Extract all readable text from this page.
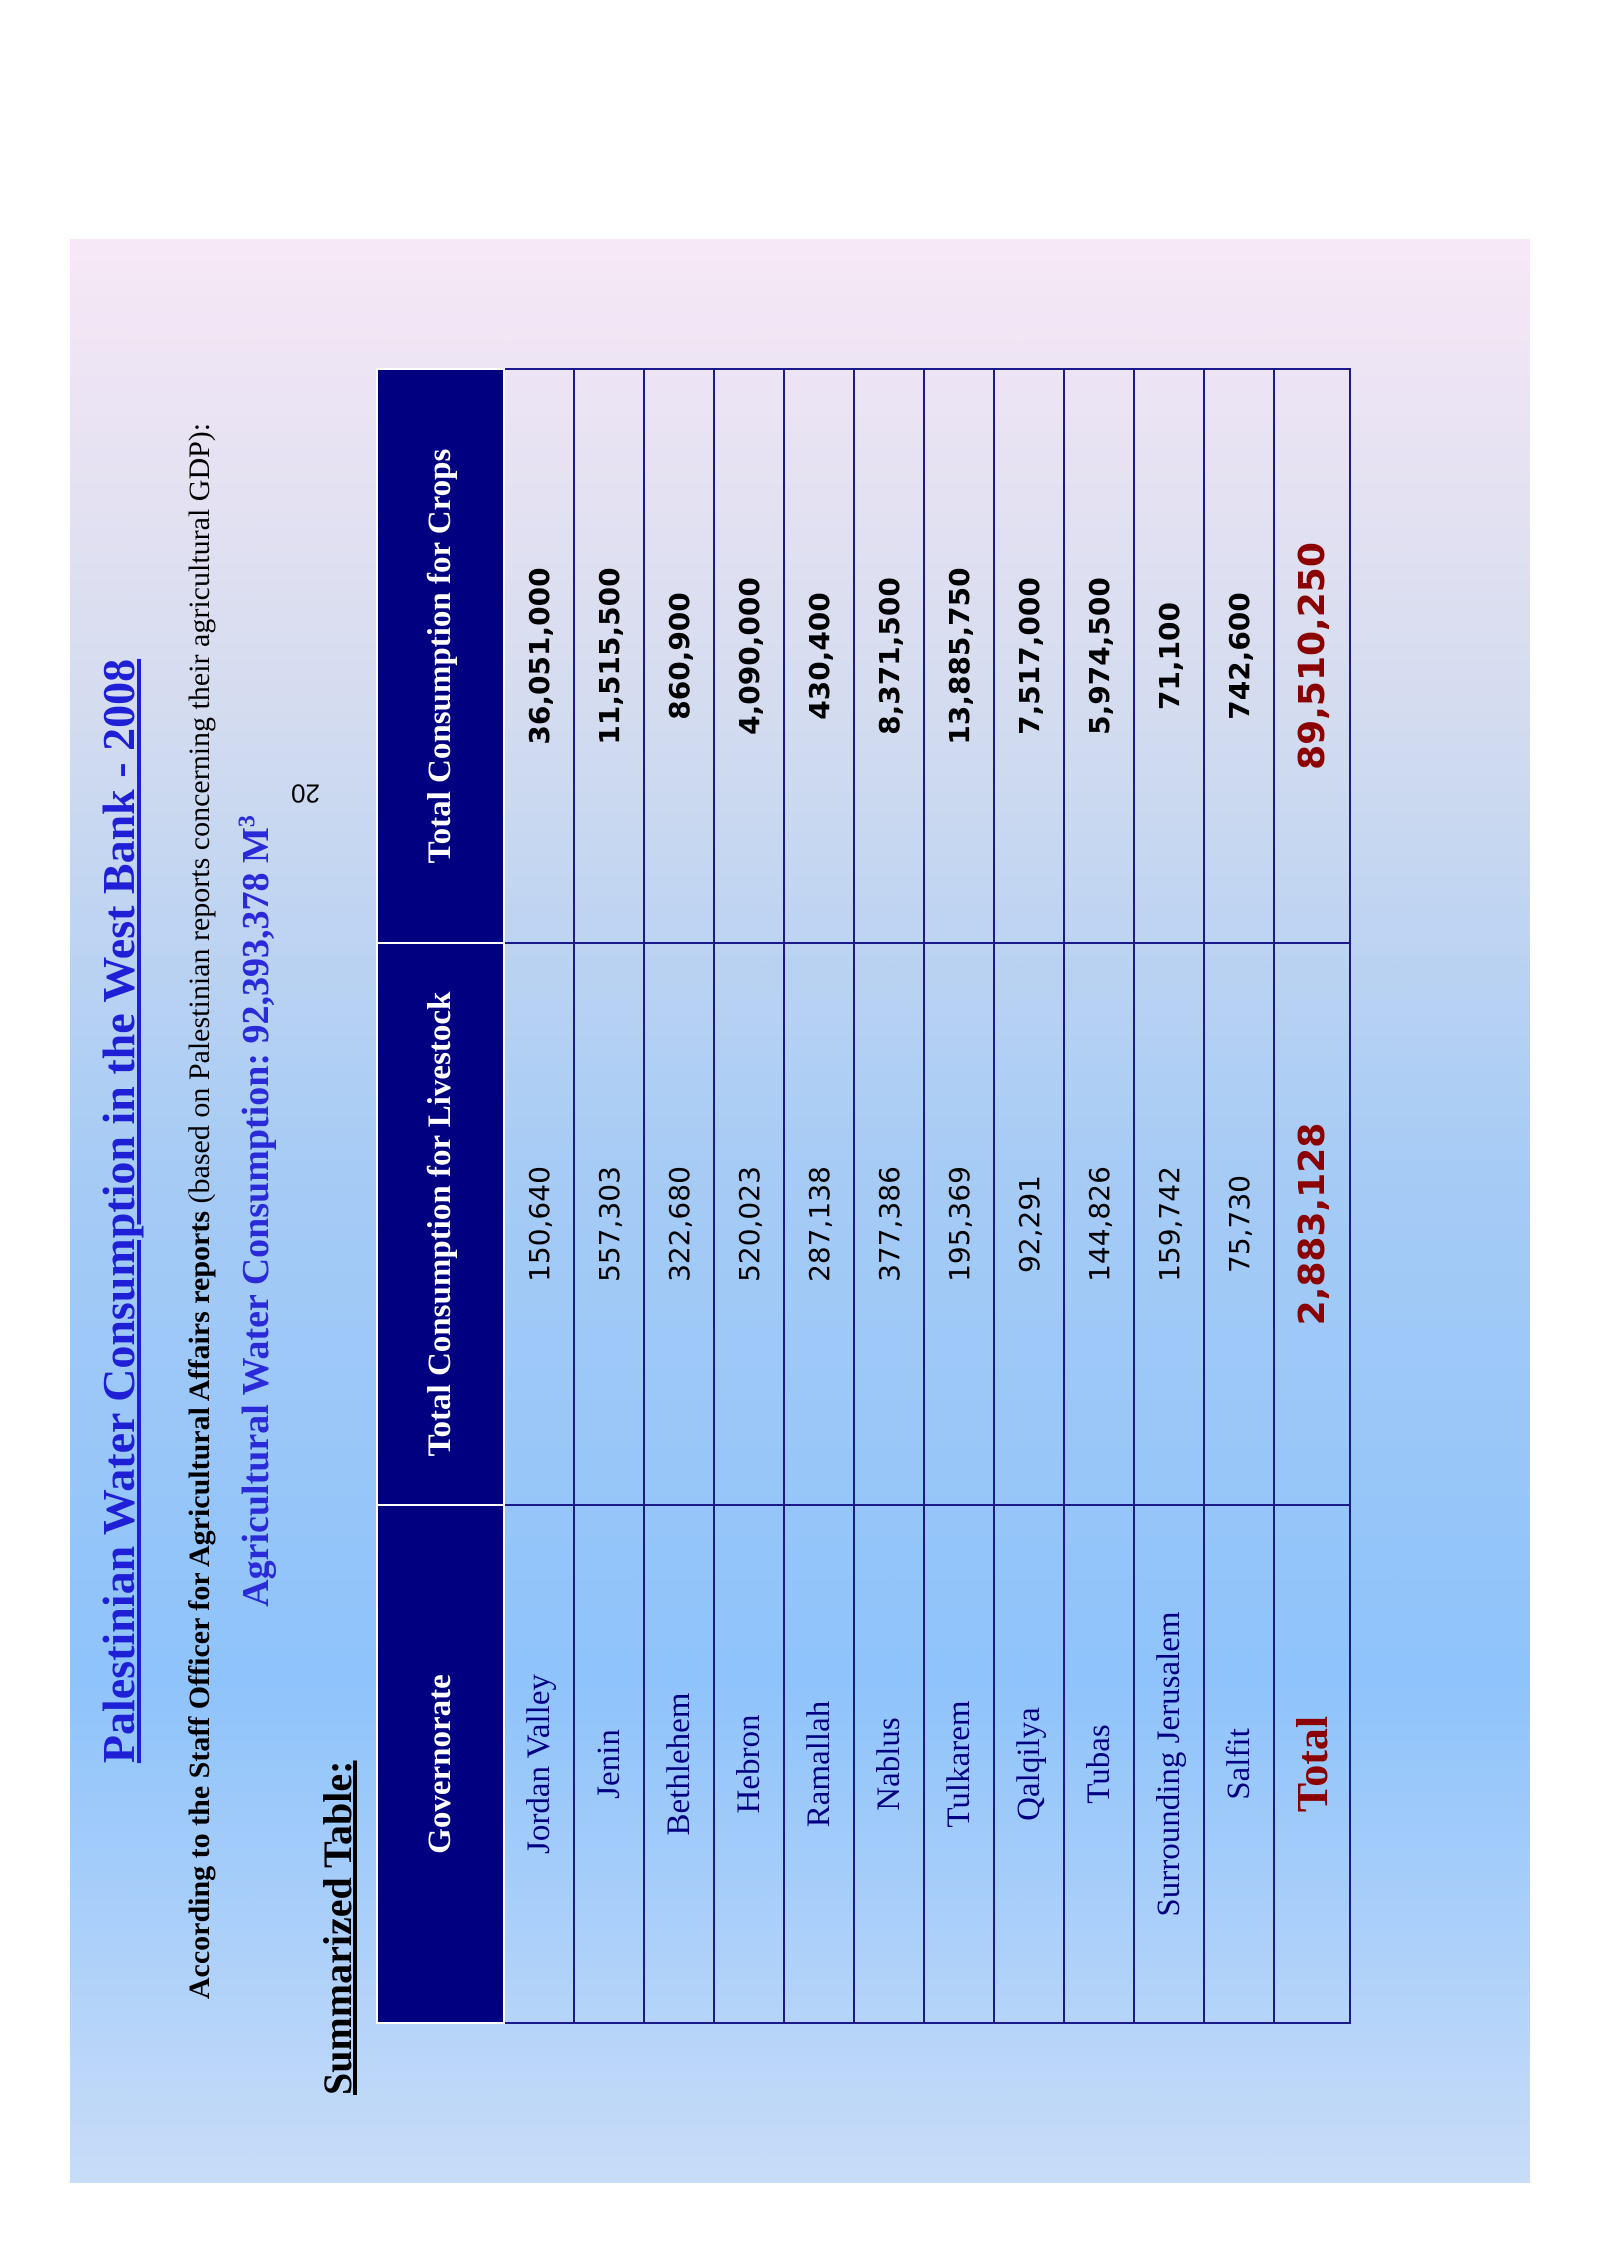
Palestinian Water Consumption in the West Bank - 2008 According to the Staff Officer for Agricultural Affairs reports (based on Palestinian reports concerning their agricultural GDP):
Agricultural Water Consumption: 92,393,378 $M^3$
Summarized Table: Governorate	Total Consumption for Livestock	Total Consumption for Crops
Jordan Valley	150,640	36,051,000
Jenin	557,303	11,515,500
Bethlehem	322,680	860,900
Hebron	520,023	4,090,000
Ramallah	287,138	430,400
Nablus	377,386	8,371,500
Tulkarem	195,369	13,885,750
Qalqilya	92,291	7,517,000
Tubas	144,826	5,974,500
Surrounding Jerusalem	159,742	71,100
Salfit	75,730	742,600
Total	2,883,128	89,510,250
20
